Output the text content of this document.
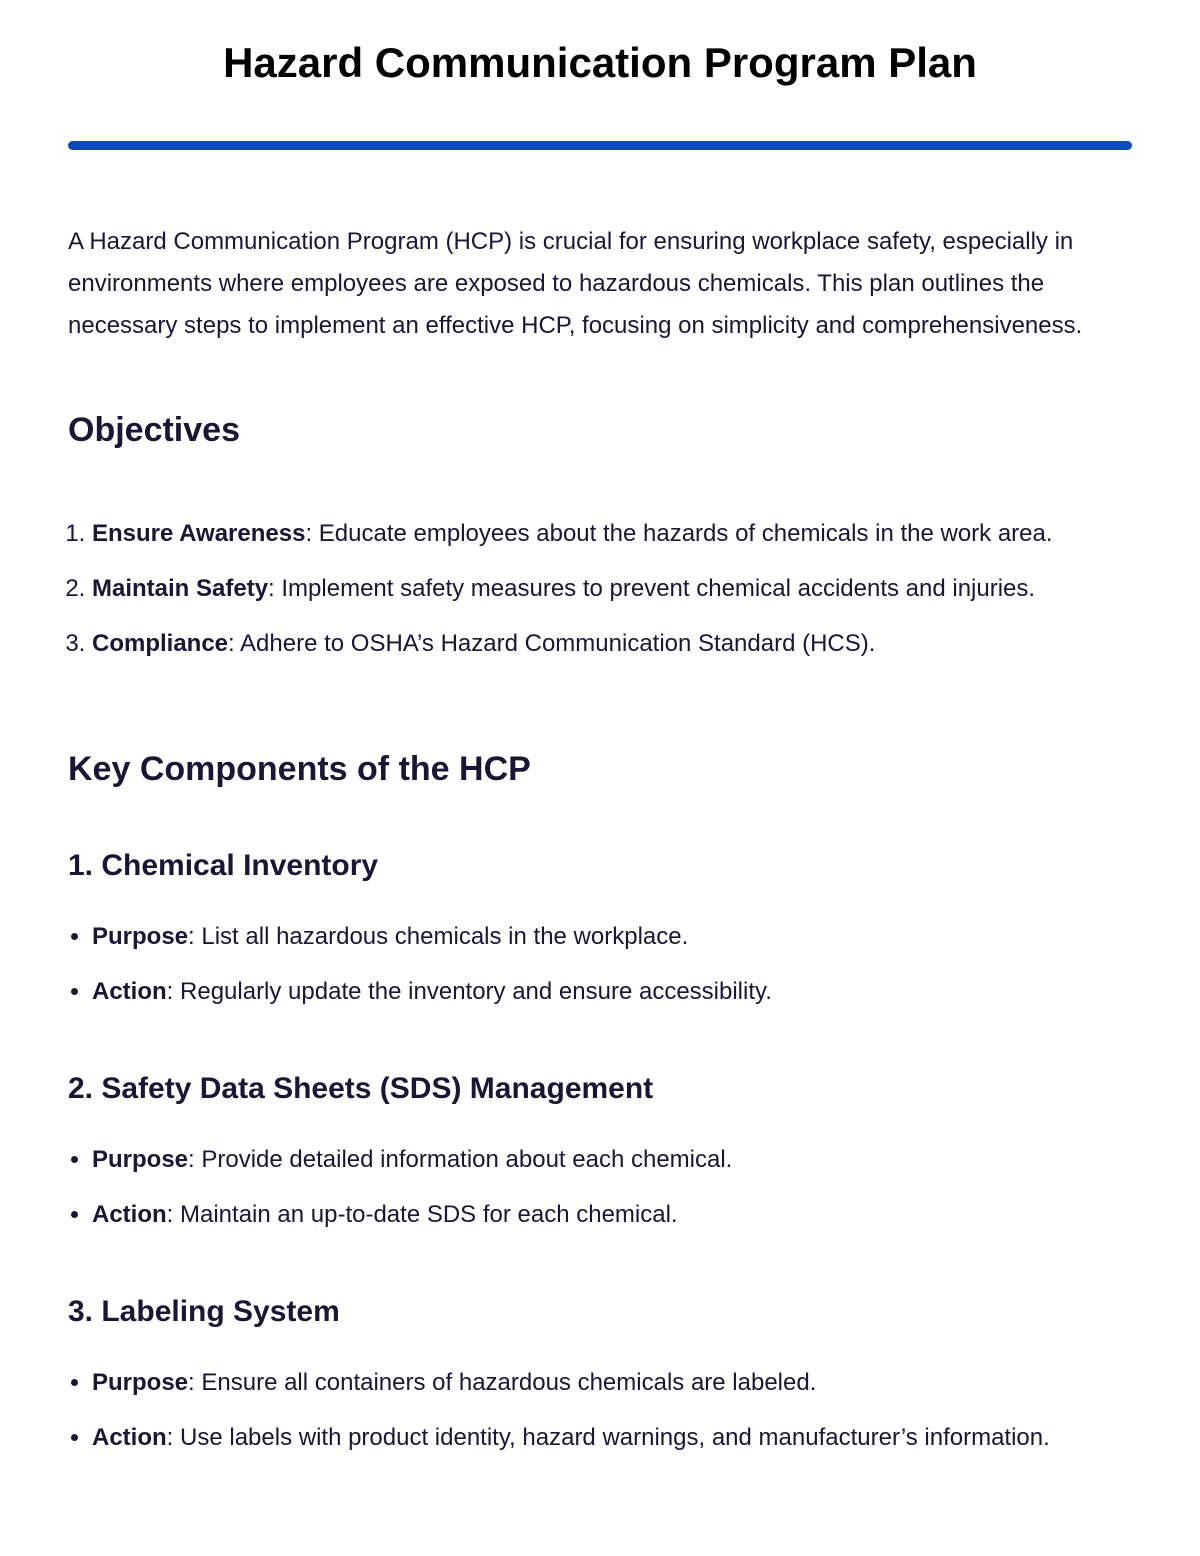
Hazard Communication Program Plan

A Hazard Communication Program (HCP) is crucial for ensuring workplace safety, especially in environments where employees are exposed to hazardous chemicals. This plan outlines the necessary steps to implement an effective HCP, focusing on simplicity and comprehensiveness.

Objectives
1. Ensure Awareness: Educate employees about the hazards of chemicals in the work area.
2. Maintain Safety: Implement safety measures to prevent chemical accidents and injuries.
3. Compliance: Adhere to OSHA’s Hazard Communication Standard (HCS).
Key Components of the HCP
1. Chemical Inventory
• Purpose: List all hazardous chemicals in the workplace.
• Action: Regularly update the inventory and ensure accessibility.
2. Safety Data Sheets (SDS) Management
• Purpose: Provide detailed information about each chemical.
• Action: Maintain an up-to-date SDS for each chemical.
3. Labeling System
• Purpose: Ensure all containers of hazardous chemicals are labeled.
• Action: Use labels with product identity, hazard warnings, and manufacturer’s information.
